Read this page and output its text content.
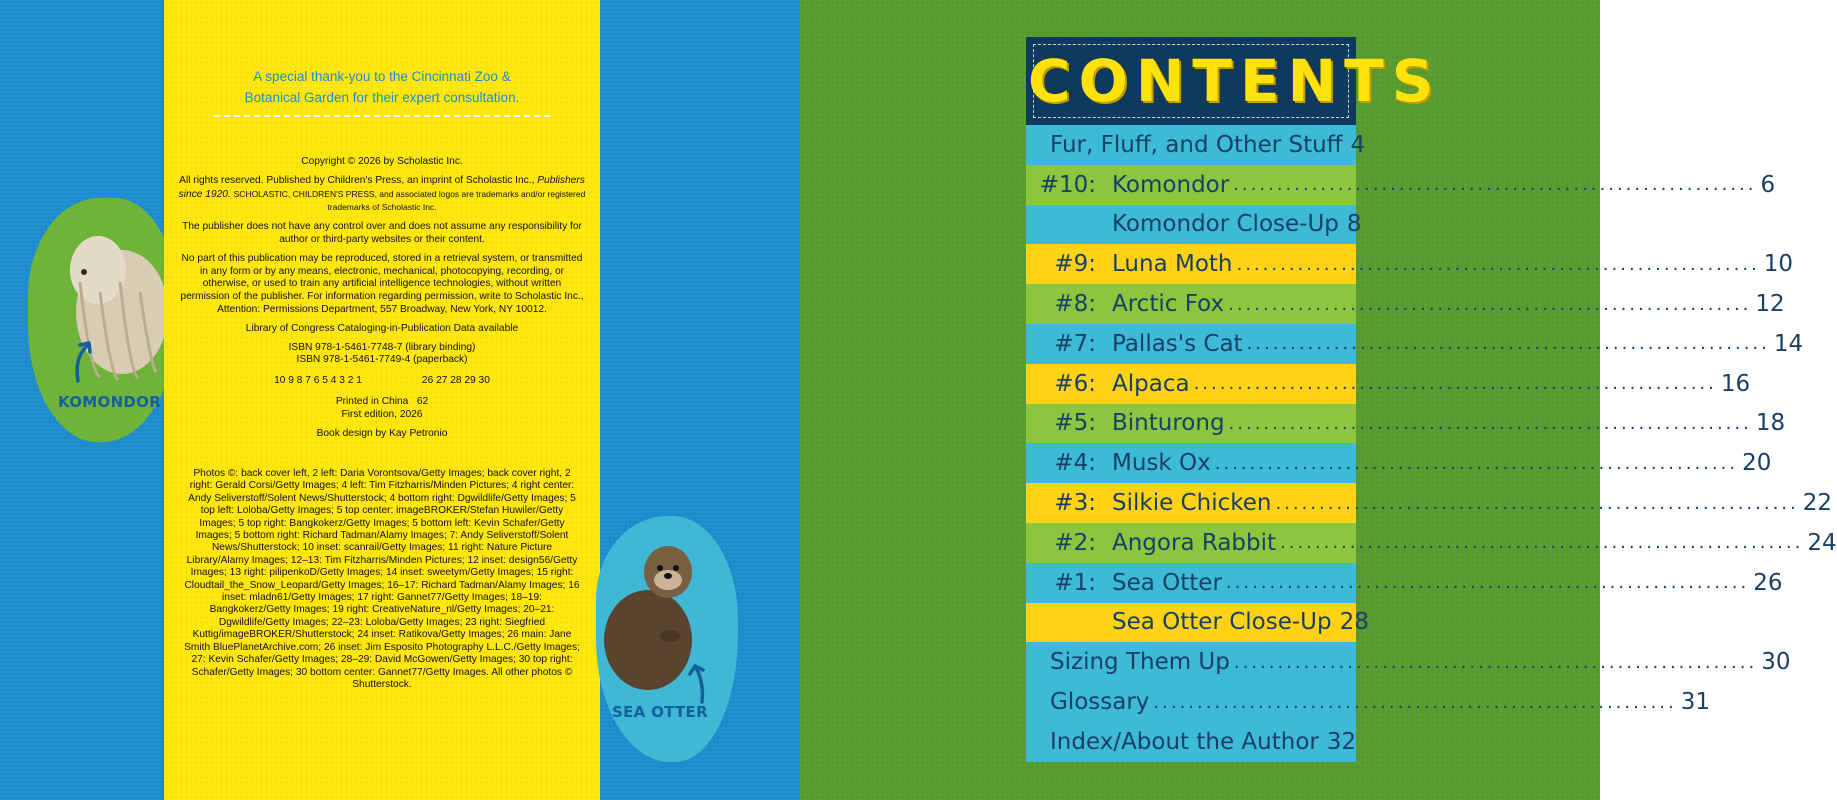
KOMONDOR
A special thank-you to the Cincinnati Zoo &
Botanical Garden for their expert consultation.

Copyright © 2026 by Scholastic Inc.

All rights reserved. Published by Children's Press, an imprint of Scholastic Inc., Publishers since 1920. SCHOLASTIC, CHILDREN'S PRESS, and associated logos are trademarks and/or registered trademarks of Scholastic Inc.

The publisher does not have any control over and does not assume any responsibility for author or third-party websites or their content.

No part of this publication may be reproduced, stored in a retrieval system, or transmitted in any form or by any means, electronic, mechanical, photocopying, recording, or otherwise, or used to train any artificial intelligence technologies, without written permission of the publisher. For information regarding permission, write to Scholastic Inc., Attention: Permissions Department, 557 Broadway, New York, NY 10012.

Library of Congress Cataloging-in-Publication Data available

ISBN 978-1-5461-7748-7 (library binding)
ISBN 978-1-5461-7749-4 (paperback)

10 9 8 7 6 5 4 3 2 1	26 27 28 29 30

Printed in China   62
First edition, 2026

Book design by Kay Petronio

Photos ©: back cover left, 2 left: Daria Vorontsova/Getty Images; back cover right, 2 right: Gerald Corsi/Getty Images; 4 left: Tim Fitzharris/Minden Pictures; 4 right center: Andy Seliverstoff/Solent News/Shutterstock; 4 bottom right: Dgwildlife/Getty Images; 5 top left: Loloba/Getty Images; 5 top center: imageBROKER/Stefan Huwiler/Getty Images; 5 top right: Bangkokerz/Getty Images; 5 bottom left: Kevin Schafer/Getty Images; 5 bottom right: Richard Tadman/Alamy Images; 7: Andy Seliverstoff/Solent News/Shutterstock; 10 inset: scanrail/Getty Images; 11 right: Nature Picture Library/Alamy Images; 12–13: Tim Fitzharris/Minden Pictures; 12 inset: design56/Getty Images; 13 right: pilipenkoD/Getty Images; 14 inset: sweetym/Getty Images; 15 right: Cloudtail_the_Snow_Leopard/Getty Images; 16–17: Richard Tadman/Alamy Images; 16 inset: mladn61/Getty Images; 17 right: Gannet77/Getty Images; 18–19: Bangkokerz/Getty Images; 19 right: CreativeNature_nl/Getty Images; 20–21: Dgwildlife/Getty Images; 22–23: Loloba/Getty Images; 23 right: Siegfried Kuttig/imageBROKER/Shutterstock; 24 inset: Ratikova/Getty Images; 26 main: Jane Smith BluePlanetArchive.com; 26 inset: Jim Esposito Photography L.L.C./Getty Images; 27: Kevin Schafer/Getty Images; 28–29: David McGowen/Getty Images; 30 top right: Schafer/Getty Images; 30 bottom center: Gannet77/Getty Images. All other photos © Shutterstock.
SEA OTTER
CONTENTS
Fur, Fluff, and Other Stuff 4
#10: Komondor ............................................................ 6
Komondor Close-Up 8
#9: Luna Moth ............................................................ 10
#8: Arctic Fox ............................................................ 12
#7: Pallas's Cat ............................................................ 14
#6: Alpaca ............................................................ 16
#5: Binturong ............................................................ 18
#4: Musk Ox ............................................................ 20
#3: Silkie Chicken ............................................................ 22
#2: Angora Rabbit ............................................................ 24
#1: Sea Otter ............................................................ 26
Sea Otter Close-Up 28
Sizing Them Up ............................................................ 30
Glossary ............................................................ 31
Index/About the Author 32
